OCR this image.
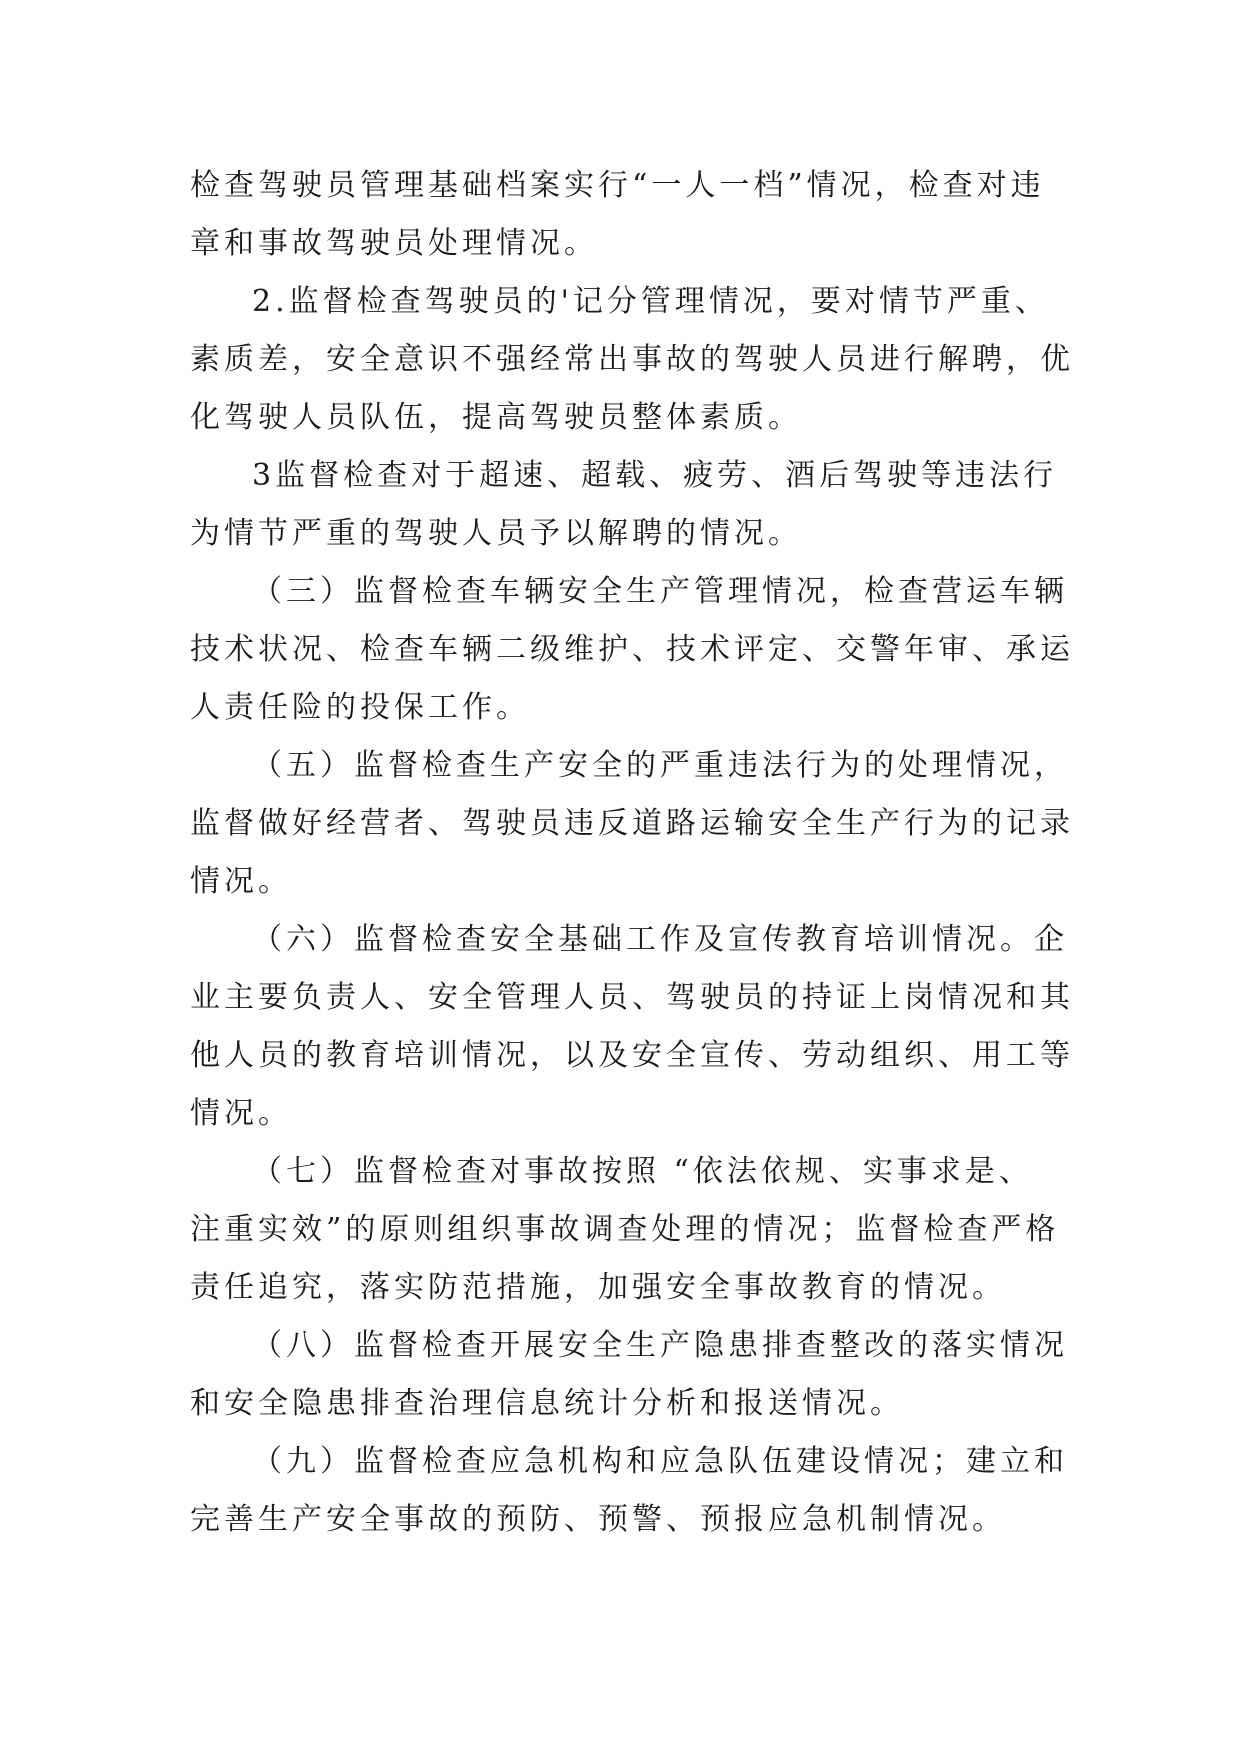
检查驾驶员管理基础档案实行“一人一档”情况，检查对违
章和事故驾驶员处理情况。
2.监督检查驾驶员的'记分管理情况，要对情节严重、
素质差，安全意识不强经常出事故的驾驶人员进行解聘，优
化驾驶人员队伍，提高驾驶员整体素质。
3监督检查对于超速、超载、疲劳、酒后驾驶等违法行
为情节严重的驾驶人员予以解聘的情况。
（三）监督检查车辆安全生产管理情况，检查营运车辆
技术状况、检查车辆二级维护、技术评定、交警年审、承运
人责任险的投保工作。
（五）监督检查生产安全的严重违法行为的处理情况，
监督做好经营者、驾驶员违反道路运输安全生产行为的记录
情况。
（六）监督检查安全基础工作及宣传教育培训情况。企
业主要负责人、安全管理人员、驾驶员的持证上岗情况和其
他人员的教育培训情况，以及安全宣传、劳动组织、用工等
情况。
（七）监督检查对事故按照 “依法依规、实事求是、
注重实效”的原则组织事故调查处理的情况；监督检查严格
责任追究，落实防范措施，加强安全事故教育的情况。
（八）监督检查开展安全生产隐患排查整改的落实情况
和安全隐患排查治理信息统计分析和报送情况。
（九）监督检查应急机构和应急队伍建设情况；建立和
完善生产安全事故的预防、预警、预报应急机制情况。
